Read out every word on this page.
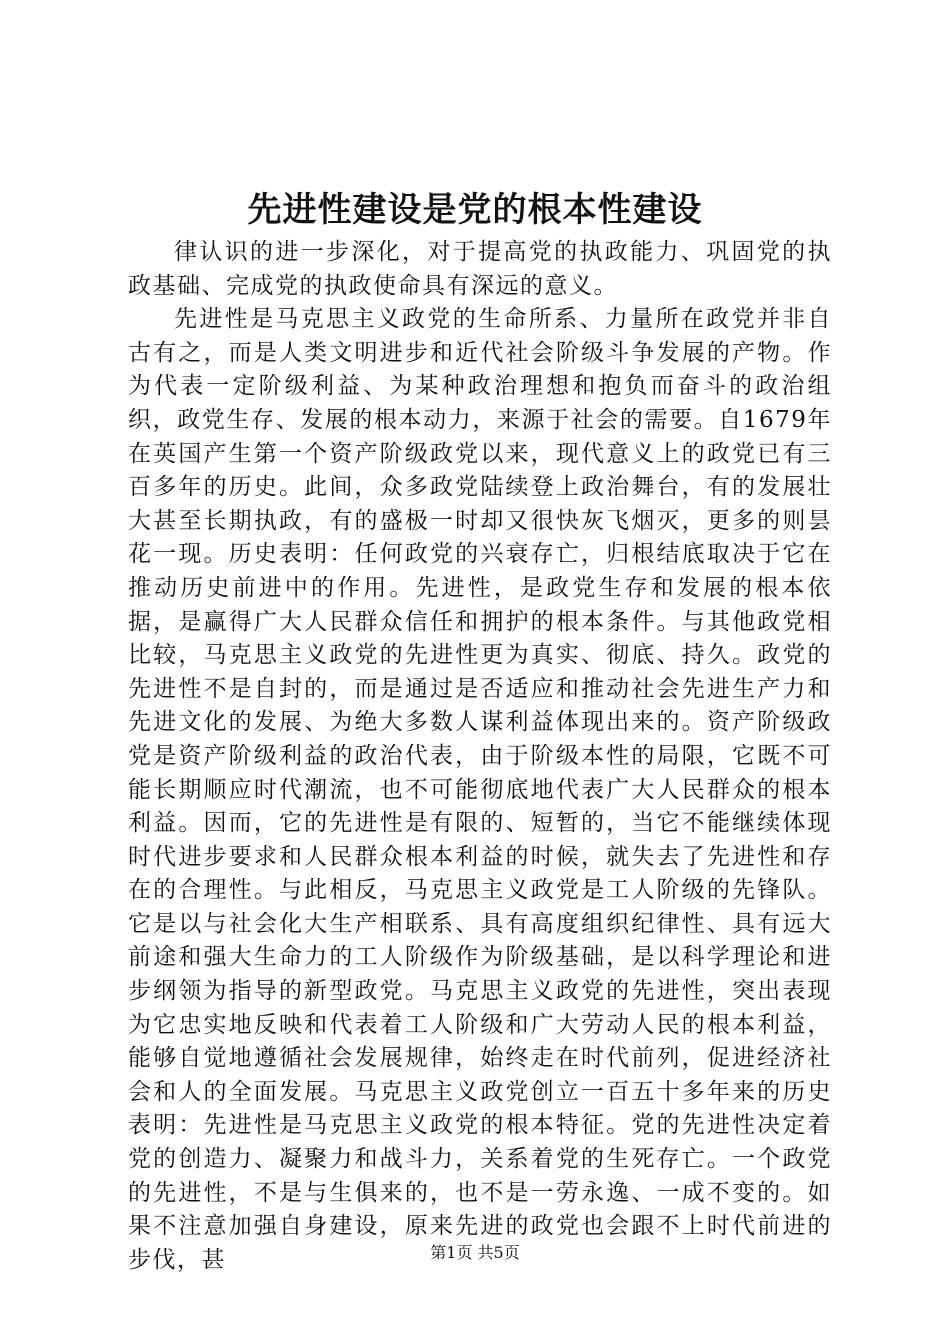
先进性建设是党的根本性建设

律认识的进一步深化，对于提高党的执政能力、巩固党的执政基础、完成党的执政使命具有深远的意义。

先进性是马克思主义政党的生命所系、力量所在政党并非自古有之，而是人类文明进步和近代社会阶级斗争发展的产物。作为代表一定阶级利益、为某种政治理想和抱负而奋斗的政治组织，政党生存、发展的根本动力，来源于社会的需要。自1679年在英国产生第一个资产阶级政党以来，现代意义上的政党已有三百多年的历史。此间，众多政党陆续登上政治舞台，有的发展壮大甚至长期执政，有的盛极一时却又很快灰飞烟灭，更多的则昙花一现。历史表明：任何政党的兴衰存亡，归根结底取决于它在推动历史前进中的作用。先进性，是政党生存和发展的根本依据，是赢得广大人民群众信任和拥护的根本条件。与其他政党相比较，马克思主义政党的先进性更为真实、彻底、持久。政党的先进性不是自封的，而是通过是否适应和推动社会先进生产力和先进文化的发展、为绝大多数人谋利益体现出来的。资产阶级政党是资产阶级利益的政治代表，由于阶级本性的局限，它既不可能长期顺应时代潮流，也不可能彻底地代表广大人民群众的根本利益。因而，它的先进性是有限的、短暂的，当它不能继续体现时代进步要求和人民群众根本利益的时候，就失去了先进性和存在的合理性。与此相反，马克思主义政党是工人阶级的先锋队。它是以与社会化大生产相联系、具有高度组织纪律性、具有远大前途和强大生命力的工人阶级作为阶级基础，是以科学理论和进步纲领为指导的新型政党。马克思主义政党的先进性，突出表现为它忠实地反映和代表着工人阶级和广大劳动人民的根本利益，能够自觉地遵循社会发展规律，始终走在时代前列，促进经济社会和人的全面发展。马克思主义政党创立一百五十多年来的历史表明：先进性是马克思主义政党的根本特征。党的先进性决定着党的创造力、凝聚力和战斗力，关系着党的生死存亡。一个政党的先进性，不是与生俱来的，也不是一劳永逸、一成不变的。如果不注意加强自身建设，原来先进的政党也会跟不上时代前进的步伐，甚	第1页 共5页
